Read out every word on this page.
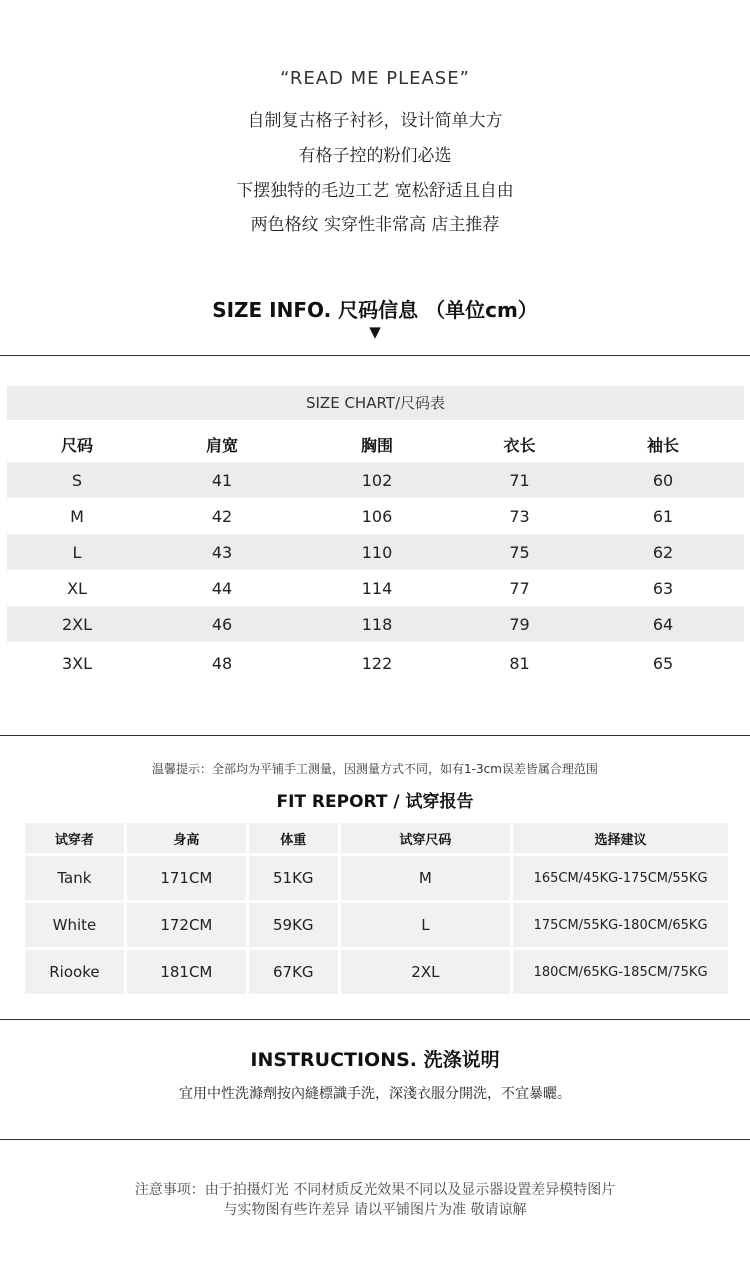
“READ ME PLEASE”
自制复古格子衬衫，设计简单大方
有格子控的粉们必选
下摆独特的毛边工艺 宽松舒适且自由
两色格纹 实穿性非常高 店主推荐
SIZE INFO. 尺码信息 （单位cm）
▼
SIZE CHART/尺码表
尺码	肩宽	胸围	衣长	袖长
S	41	102	71	60
M	42	106	73	61
L	43	110	75	62
XL	44	114	77	63
2XL	46	118	79	64
3XL	48	122	81	65
温馨提示：全部均为平铺手工测量，因测量方式不同，如有1-3cm误差皆属合理范围
FIT REPORT / 试穿报告
试穿者	身高	体重	试穿尺码	选择建议
Tank	171CM	51KG	M	165CM/45KG-175CM/55KG
White	172CM	59KG	L	175CM/55KG-180CM/65KG
Riooke	181CM	67KG	2XL	180CM/65KG-185CM/75KG
INSTRUCTIONS. 洗涤说明
宜用中性洗滌劑按內縫標識手洗，深淺衣服分開洗，不宜暴曬。
注意事项：由于拍摄灯光 不同材质反光效果不同以及显示器设置差异模特图片
与实物图有些许差异 请以平铺图片为准 敬请谅解
